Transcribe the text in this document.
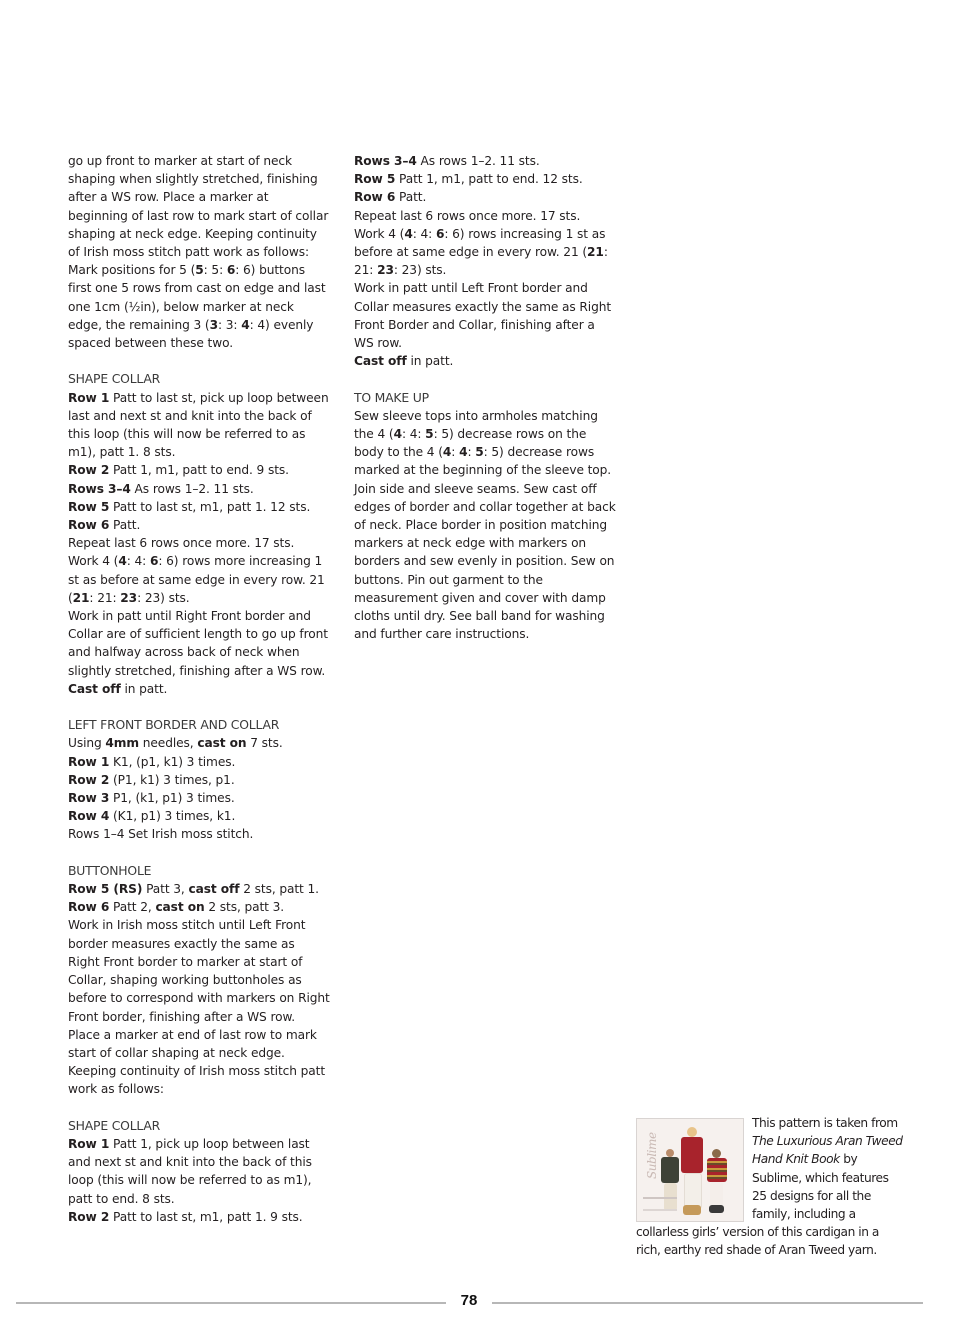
go up front to marker at start of neck shaping when slightly stretched, finishing after a WS row. Place a marker at beginning of last row to mark start of collar shaping at neck edge. Keeping continuity of Irish moss stitch patt work as follows:

Mark positions for 5 (5: 5: 6: 6) buttons first one 5 rows from cast on edge and last one 1cm (½in), below marker at neck edge, the remaining 3 (3: 3: 4: 4) evenly spaced between these two.

SHAPE COLLAR

Row 1 Patt to last st, pick up loop between last and next st and knit into the back of this loop (this will now be referred to as m1), patt 1. 8 sts.

Row 2 Patt 1, m1, patt to end. 9 sts.

Rows 3–4 As rows 1–2. 11 sts.

Row 5 Patt to last st, m1, patt 1. 12 sts.

Row 6 Patt.

Repeat last 6 rows once more. 17 sts.

Work 4 (4: 4: 6: 6) rows more increasing 1 st as before at same edge in every row. 21 (21: 21: 23: 23) sts.

Work in patt until Right Front border and Collar are of sufficient length to go up front and halfway across back of neck when slightly stretched, finishing after a WS row.

Cast off in patt.

LEFT FRONT BORDER AND COLLAR

Using 4mm needles, cast on 7 sts.

Row 1 K1, (p1, k1) 3 times.

Row 2 (P1, k1) 3 times, p1.

Row 3 P1, (k1, p1) 3 times.

Row 4 (K1, p1) 3 times, k1.

Rows 1–4 Set Irish moss stitch.

BUTTONHOLE

Row 5 (RS) Patt 3, cast off 2 sts, patt 1.

Row 6 Patt 2, cast on 2 sts, patt 3.

Work in Irish moss stitch until Left Front border measures exactly the same as Right Front border to marker at start of Collar, shaping working buttonholes as before to correspond with markers on Right Front border, finishing after a WS row. Place a marker at end of last row to mark start of collar shaping at neck edge. Keeping continuity of Irish moss stitch patt work as follows:

SHAPE COLLAR

Row 1 Patt 1, pick up loop between last and next st and knit into the back of this loop (this will now be referred to as m1), patt to end. 8 sts.

Row 2 Patt to last st, m1, patt 1. 9 sts.

Rows 3–4 As rows 1–2. 11 sts.

Row 5 Patt 1, m1, patt to end. 12 sts.

Row 6 Patt.

Repeat last 6 rows once more. 17 sts.

Work 4 (4: 4: 6: 6) rows increasing 1 st as before at same edge in every row. 21 (21: 21: 23: 23) sts.

Work in patt until Left Front border and Collar measures exactly the same as Right Front Border and Collar, finishing after a WS row.

Cast off in patt.

TO MAKE UP

Sew sleeve tops into armholes matching the 4 (4: 4: 5: 5) decrease rows on the body to the 4 (4: 4: 5: 5) decrease rows marked at the beginning of the sleeve top. Join side and sleeve seams. Sew cast off edges of border and collar together at back of neck. Place border in position matching markers at neck edge with markers on borders and sew evenly in position. Sew on buttons. Pin out garment to the measurement given and cover with damp cloths until dry. See ball band for washing and further care instructions.

Sublime
This pattern is taken from The Luxurious Aran Tweed Hand Knit Book by Sublime, which features 25 designs for all the family, including a collarless girls’ version of this cardigan in a rich, earthy red shade of Aran Tweed yarn.
78
